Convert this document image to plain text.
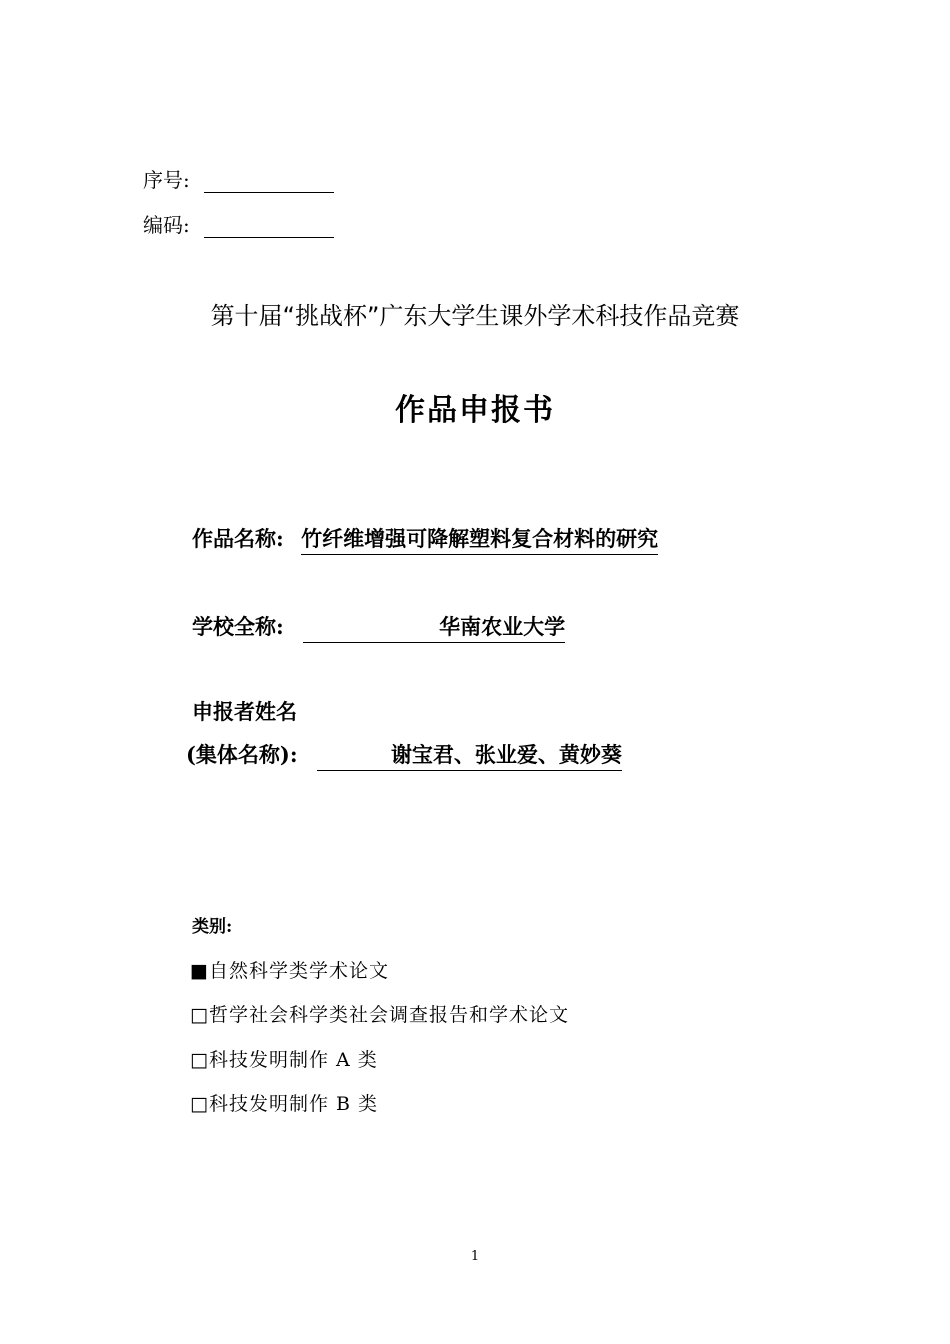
序号:
编码:
第十届“挑战杯”广东大学生课外学术科技作品竞赛
作品申报书
作品名称: 竹纤维增强可降解塑料复合材料的研究
学校全称:	华南农业大学
申报者姓名
(集体名称):	谢宝君、张业爱、黄妙葵
类别:
■自然科学类学术论文
□哲学社会科学类社会调查报告和学术论文
□科技发明制作 A 类
□科技发明制作 B 类
1
